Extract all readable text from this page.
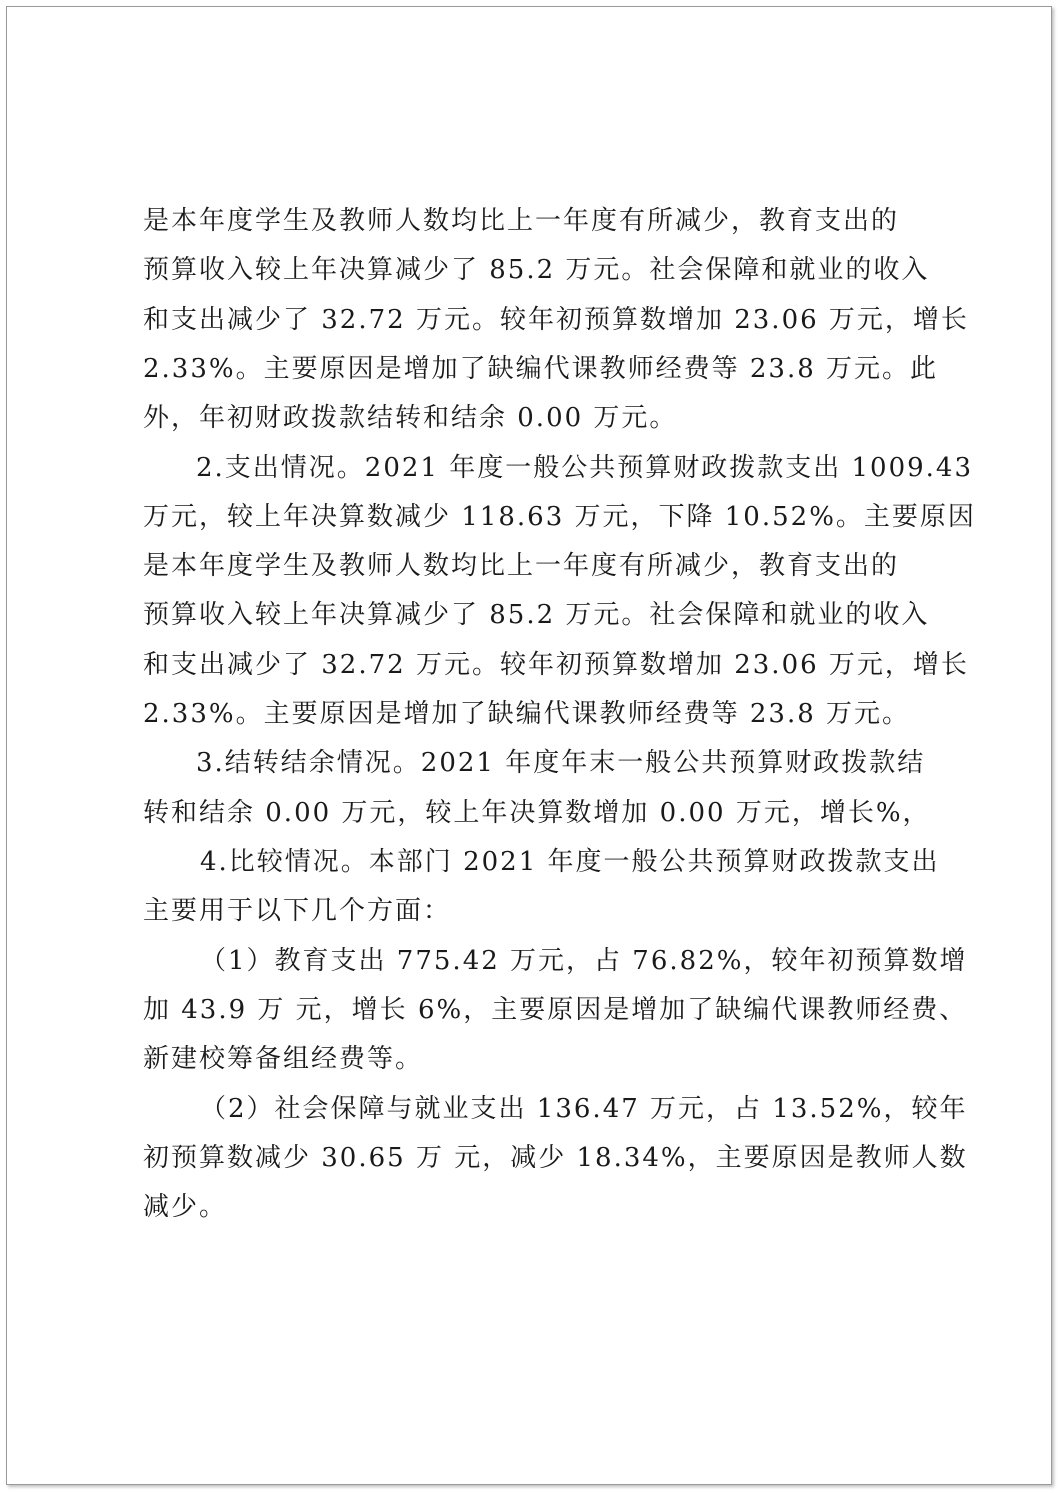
是本年度学生及教师人数均比上一年度有所减少，教育支出的
预算收入较上年决算减少了 85.2 万元。社会保障和就业的收入
和支出减少了 32.72 万元。较年初预算数增加 23.06 万元，增长
2.33%。主要原因是增加了缺编代课教师经费等 23.8 万元。此
外，年初财政拨款结转和结余 0.00 万元。
2.支出情况。2021 年度一般公共预算财政拨款支出 1009.43
万元，较上年决算数减少 118.63 万元，下降 10.52%。主要原因
是本年度学生及教师人数均比上一年度有所减少，教育支出的
预算收入较上年决算减少了 85.2 万元。社会保障和就业的收入
和支出减少了 32.72 万元。较年初预算数增加 23.06 万元，增长
2.33%。主要原因是增加了缺编代课教师经费等 23.8 万元。
3.结转结余情况。2021 年度年末一般公共预算财政拨款结
转和结余 0.00 万元，较上年决算数增加 0.00 万元，增长%，
4.比较情况。本部门 2021 年度一般公共预算财政拨款支出
主要用于以下几个方面：
（1）教育支出 775.42 万元，占 76.82%，较年初预算数增
加 43.9 万 元，增长 6%，主要原因是增加了缺编代课教师经费、
新建校筹备组经费等。
（2）社会保障与就业支出 136.47 万元，占 13.52%，较年
初预算数减少 30.65 万 元，减少 18.34%，主要原因是教师人数
减少。
